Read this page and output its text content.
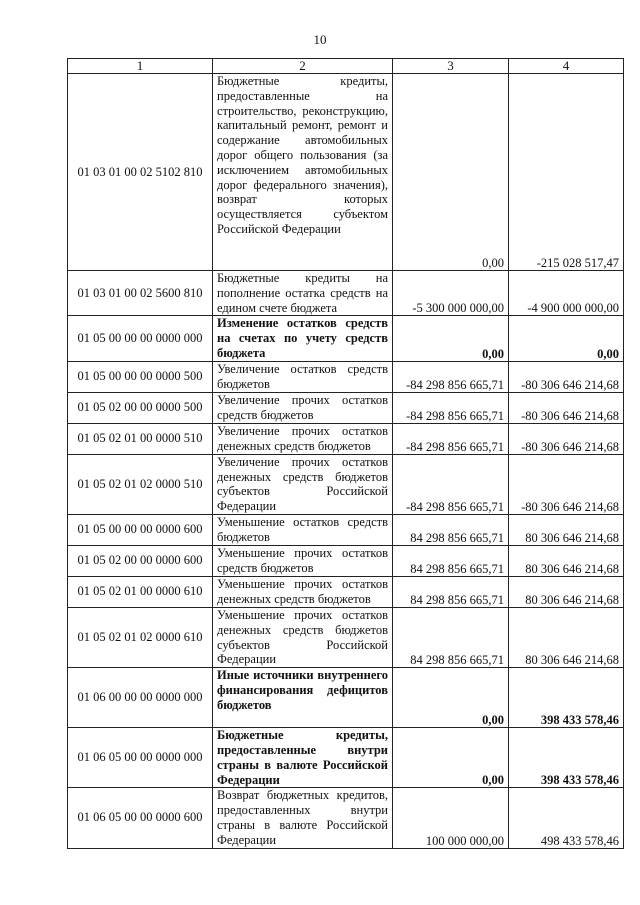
10
1	2	3	4
01 03 01 00 02 5102 810	Бюджетные кредиты, предоставленные на строительство, реконструкцию, капитальный ремонт, ремонт и содержание автомобильных дорог общего пользования (за исключением автомобильных дорог федерального значения), возврат которых осуществляется субъектом Российской Федерации	0,00	-215 028 517,47
01 03 01 00 02 5600 810	Бюджетные кредиты на пополнение остатка средств на едином счете бюджета	-5 300 000 000,00	-4 900 000 000,00
01 05 00 00 00 0000 000	Изменение остатков средств на счетах по учету средств бюджета	0,00	0,00
01 05 00 00 00 0000 500	Увеличение остатков средств бюджетов	-84 298 856 665,71	-80 306 646 214,68
01 05 02 00 00 0000 500	Увеличение прочих остатков средств бюджетов	-84 298 856 665,71	-80 306 646 214,68
01 05 02 01 00 0000 510	Увеличение прочих остатков денежных средств бюджетов	-84 298 856 665,71	-80 306 646 214,68
01 05 02 01 02 0000 510	Увеличение прочих остатков денежных средств бюджетов субъектов Российской Федерации	-84 298 856 665,71	-80 306 646 214,68
01 05 00 00 00 0000 600	Уменьшение остатков средств бюджетов	84 298 856 665,71	80 306 646 214,68
01 05 02 00 00 0000 600	Уменьшение прочих остатков средств бюджетов	84 298 856 665,71	80 306 646 214,68
01 05 02 01 00 0000 610	Уменьшение прочих остатков денежных средств бюджетов	84 298 856 665,71	80 306 646 214,68
01 05 02 01 02 0000 610	Уменьшение прочих остатков денежных средств бюджетов субъектов Российской Федерации	84 298 856 665,71	80 306 646 214,68
01 06 00 00 00 0000 000	Иные источники внутреннего финансирования дефицитов бюджетов	0,00	398 433 578,46
01 06 05 00 00 0000 000	Бюджетные кредиты, предоставленные внутри страны в валюте Российской Федерации	0,00	398 433 578,46
01 06 05 00 00 0000 600	Возврат бюджетных кредитов, предоставленных внутри страны в валюте Российской Федерации	100 000 000,00	498 433 578,46
